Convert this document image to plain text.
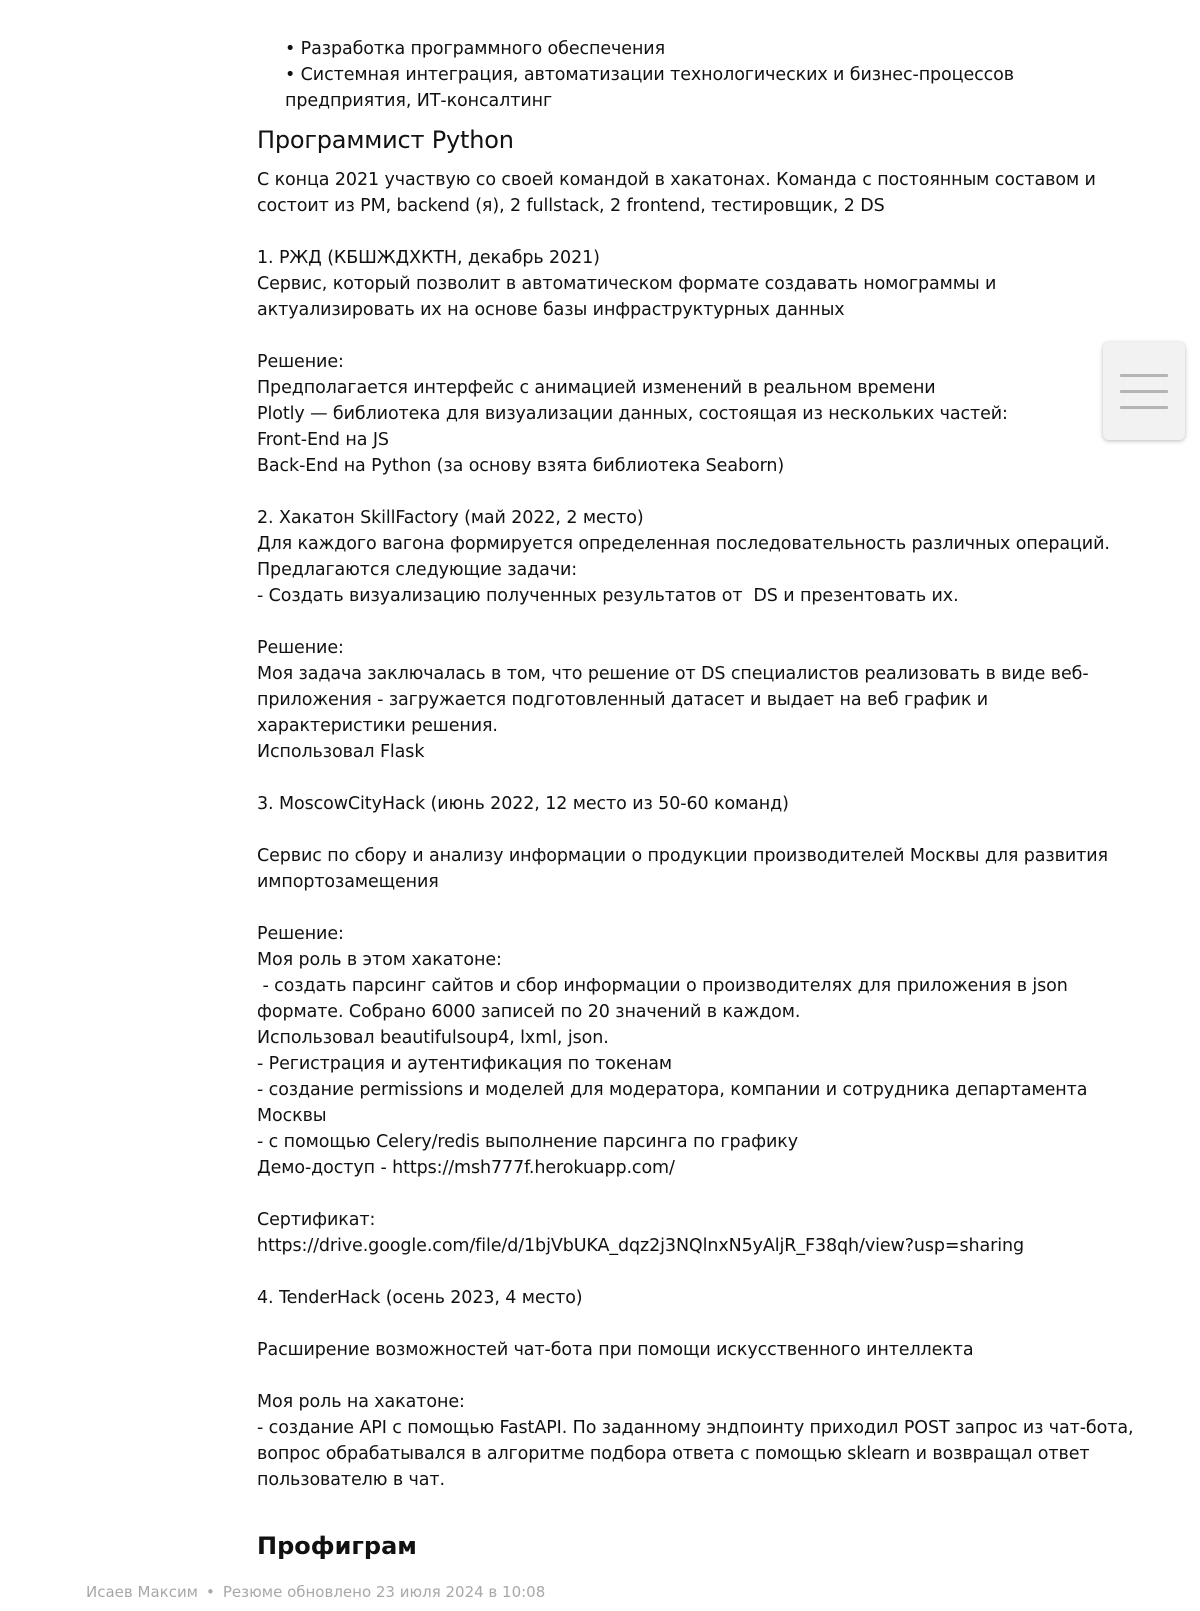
• Разработка программного обеспечения
• Системная интеграция, автоматизации технологических и бизнес-процессов предприятия, ИТ-консалтинг
Программист Python

С конца 2021 участвую со своей командой в хакатонах. Команда с постоянным составом и состоит из PM, backend (я), 2 fullstack, 2 frontend, тестировщик, 2 DS

1. РЖД (КБШЖДХКТН, декабрь 2021)
Сервис, который позволит в автоматическом формате создавать номограммы и актуализировать их на основе базы инфраструктурных данных

Решение:
Предполагается интерфейс с анимацией изменений в реальном времени
Plotly — библиотека для визуализации данных, состоящая из нескольких частей:
Front-End на JS
Back-End на Python (за основу взята библиотека Seaborn)

2. Хакатон SkillFactory (май 2022, 2 место)
Для каждого вагона формируется определенная последовательность различных операций.
Предлагаются следующие задачи:
- Создать визуализацию полученных результатов от  DS и презентовать их.

Решение:
Моя задача заключалась в том, что решение от DS специалистов реализовать в виде веб-приложения - загружается подготовленный датасет и выдает на веб график и характеристики решения.
Использовал Flask

3. MoscowCityHack (июнь 2022, 12 место из 50-60 команд)

Сервис по сбору и анализу информации о продукции производителей Москвы для развития импортозамещения

Решение:
Моя роль в этом хакатоне:
- создать парсинг сайтов и сбор информации о производителях для приложения в json формате. Собрано 6000 записей по 20 значений в каждом.
Использовал beautifulsoup4, lxml, json.
- Регистрация и аутентификация по токенам
- создание permissions и моделей для модератора, компании и сотрудника департамента Москвы
- с помощью Celery/redis выполнение парсинга по графику
Демо-доступ - https://msh777f.herokuapp.com/

Сертификат:
https://drive.google.com/file/d/1bjVbUKA_dqz2j3NQlnxN5yAljR_F38qh/view?usp=sharing

4. TenderHack (осень 2023, 4 место)

Расширение возможностей чат-бота при помощи искусственного интеллекта

Моя роль на хакатоне:
- создание API с помощью FastAPI. По заданному эндпоинту приходил POST запрос из чат-бота, вопрос обрабатывался в алгоритме подбора ответа с помощью sklearn и возвращал ответ пользователю в чат.

Профиграм
Исаев Максим • Резюме обновлено 23 июля 2024 в 10:08
